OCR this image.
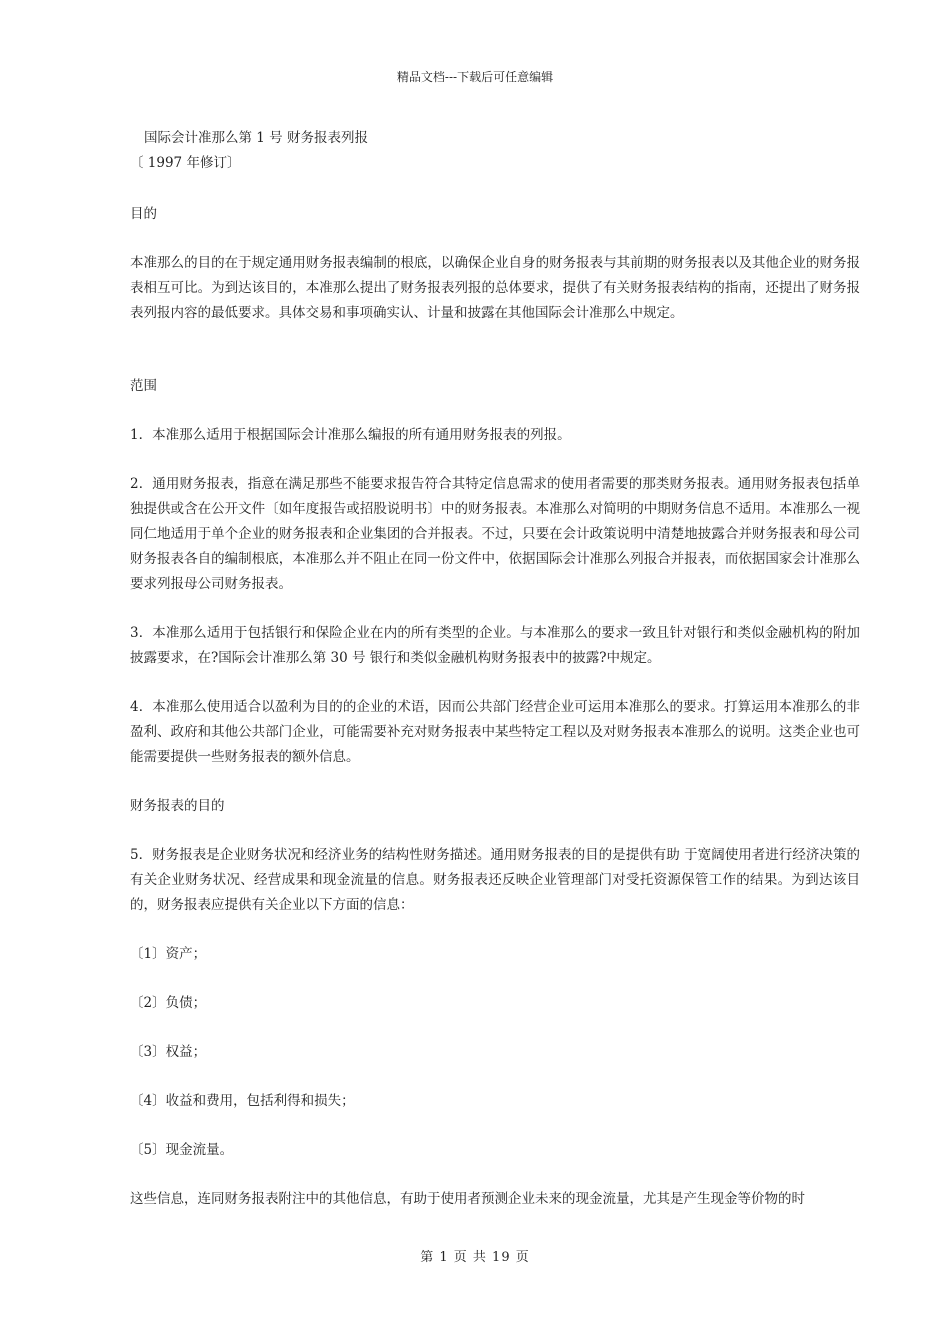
精品文档---下载后可任意编辑
国际会计准那么第 1 号 财务报表列报
〔 1997 年修订〕
目的

本准那么的目的在于规定通用财务报表编制的根底，以确保企业自身的财务报表与其前期的财务报表以及其他企业的财务报表相互可比。为到达该目的，本准那么提出了财务报表列报的总体要求，提供了有关财务报表结构的指南，还提出了财务报表列报内容的最低要求。具体交易和事项确实认、计量和披露在其他国际会计准那么中规定。

范围

1．本准那么适用于根据国际会计准那么编报的所有通用财务报表的列报。

2．通用财务报表，指意在满足那些不能要求报告符合其特定信息需求的使用者需要的那类财务报表。通用财务报表包括单独提供或含在公开文件〔如年度报告或招股说明书〕中的财务报表。本准那么对简明的中期财务信息不适用。本准那么一视同仁地适用于单个企业的财务报表和企业集团的合并报表。不过，只要在会计政策说明中清楚地披露合并财务报表和母公司财务报表各自的编制根底，本准那么并不阻止在同一份文件中，依据国际会计准那么列报合并报表，而依据国家会计准那么要求列报母公司财务报表。

3．本准那么适用于包括银行和保险企业在内的所有类型的企业。与本准那么的要求一致且针对银行和类似金融机构的附加披露要求，在?国际会计准那么第 30 号 银行和类似金融机构财务报表中的披露?中规定。

4．本准那么使用适合以盈利为目的的企业的术语，因而公共部门经营企业可运用本准那么的要求。打算运用本准那么的非盈利、政府和其他公共部门企业，可能需要补充对财务报表中某些特定工程以及对财务报表本准那么的说明。这类企业也可能需要提供一些财务报表的额外信息。

财务报表的目的

5．财务报表是企业财务状况和经济业务的结构性财务描述。通用财务报表的目的是提供有助 于宽阔使用者进行经济决策的有关企业财务状况、经营成果和现金流量的信息。财务报表还反映企业管理部门对受托资源保管工作的结果。为到达该目的，财务报表应提供有关企业以下方面的信息：

〔1〕资产；
〔2〕负债；
〔3〕权益；
〔4〕收益和费用，包括利得和损失；
〔5〕现金流量。

这些信息，连同财务报表附注中的其他信息，有助于使用者预测企业未来的现金流量，尤其是产生现金等价物的时

第 1 页 共 19 页
